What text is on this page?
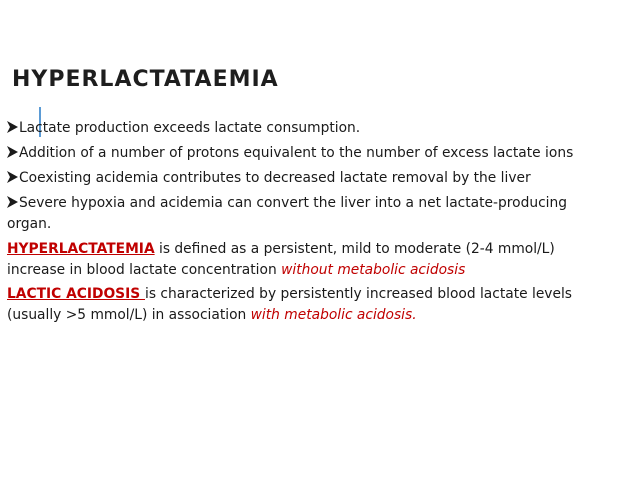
HYPERLACTATAEMIA

Lactate production exceeds lactate consumption.

Addition of a number of protons equivalent to the number of excess lactate ions

Coexisting acidemia contributes to decreased lactate removal by the liver

Severe hypoxia and acidemia can convert the liver into a net lactate-producing organ.

HYPERLACTATEMIA is defined as a persistent, mild to moderate (2-4 mmol/L) increase in blood lactate concentration without metabolic acidosis

LACTIC ACIDOSIS is characterized by persistently increased blood lactate levels (usually >5 mmol/L) in association with metabolic acidosis.
